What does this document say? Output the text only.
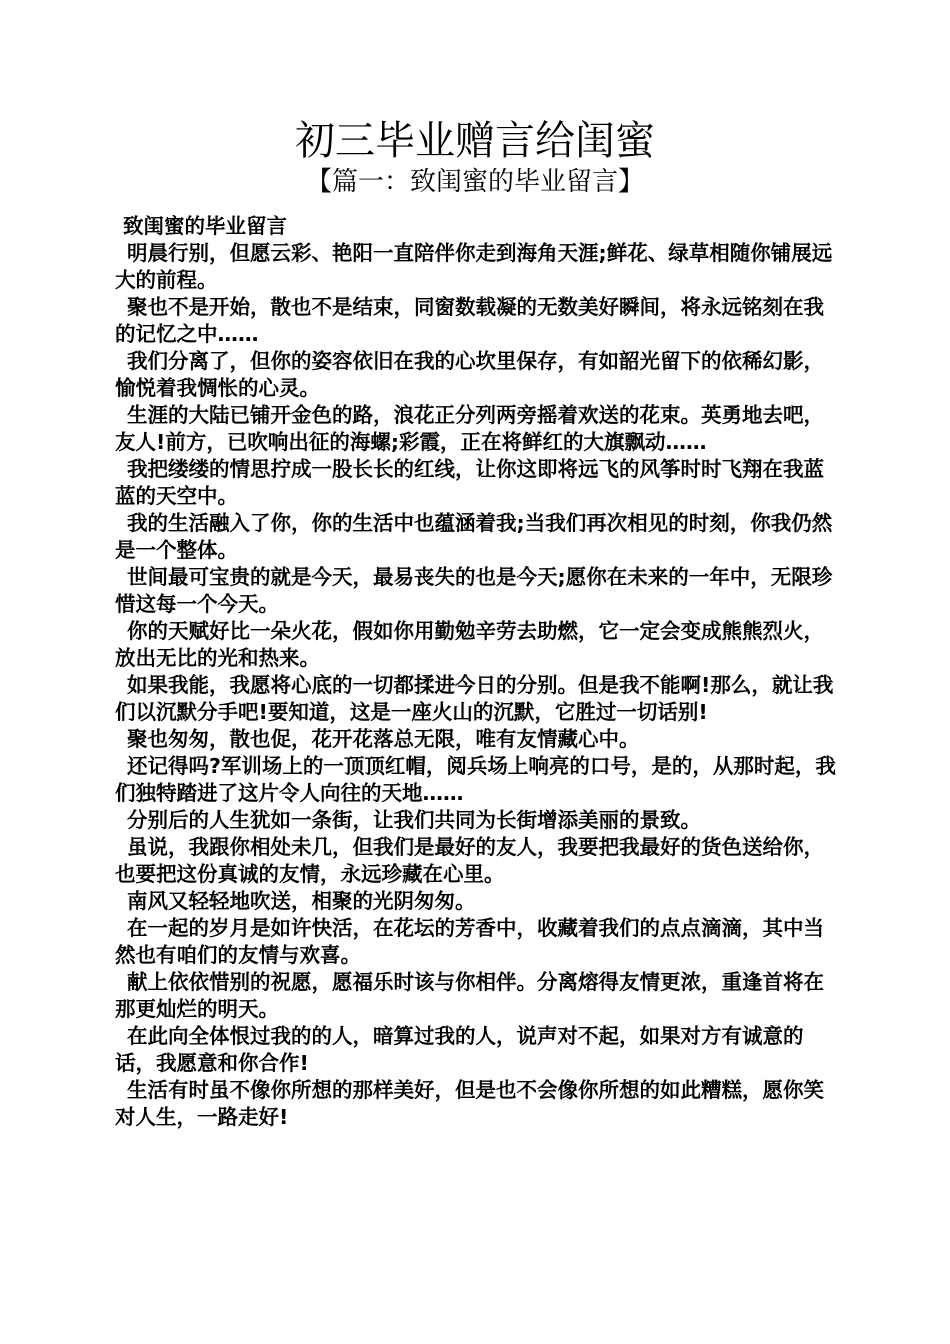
初三毕业赠言给闺蜜
【篇一：致闺蜜的毕业留言】

致闺蜜的毕业留言

明晨行别，但愿云彩、艳阳一直陪伴你走到海角天涯;鲜花、绿草相随你铺展远大的前程。

聚也不是开始，散也不是结束，同窗数载凝的无数美好瞬间，将永远铭刻在我的记忆之中……

我们分离了，但你的姿容依旧在我的心坎里保存，有如韶光留下的依稀幻影，愉悦着我惆怅的心灵。

生涯的大陆已铺开金色的路，浪花正分列两旁摇着欢送的花束。英勇地去吧，友人!前方，已吹响出征的海螺;彩霞，正在将鲜红的大旗飘动……

我把缕缕的情思拧成一股长长的红线，让你这即将远飞的风筝时时飞翔在我蓝蓝的天空中。

我的生活融入了你，你的生活中也蕴涵着我;当我们再次相见的时刻，你我仍然是一个整体。

世间最可宝贵的就是今天，最易丧失的也是今天;愿你在未来的一年中，无限珍惜这每一个今天。

你的天赋好比一朵火花，假如你用勤勉辛劳去助燃，它一定会变成熊熊烈火，放出无比的光和热来。

如果我能，我愿将心底的一切都揉进今日的分别。但是我不能啊!那么，就让我们以沉默分手吧!要知道，这是一座火山的沉默，它胜过一切话别!

聚也匆匆，散也促，花开花落总无限，唯有友情藏心中。

还记得吗?军训场上的一顶顶红帽，阅兵场上响亮的口号，是的，从那时起，我们独特踏进了这片令人向往的天地……

分别后的人生犹如一条街，让我们共同为长街增添美丽的景致。

虽说，我跟你相处未几，但我们是最好的友人，我要把我最好的货色送给你，也要把这份真诚的友情，永远珍藏在心里。

南风又轻轻地吹送，相聚的光阴匆匆。

在一起的岁月是如许快活，在花坛的芳香中，收藏着我们的点点滴滴，其中当然也有咱们的友情与欢喜。

献上依依惜别的祝愿，愿福乐时该与你相伴。分离熔得友情更浓，重逢首将在那更灿烂的明天。

在此向全体恨过我的的人，暗算过我的人，说声对不起，如果对方有诚意的话，我愿意和你合作!

生活有时虽不像你所想的那样美好，但是也不会像你所想的如此糟糕，愿你笑对人生，一路走好!
